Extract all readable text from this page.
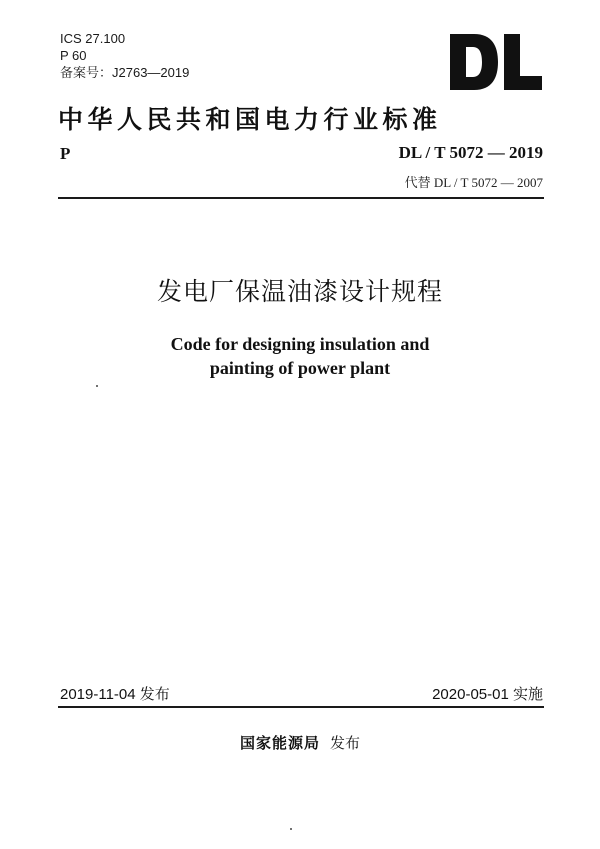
ICS 27.100
P 60
备案号：J2763—2019
中华人民共和国电力行业标准
P	DL / T 5072 — 2019
代替 DL / T 5072 — 2007
发电厂保温油漆设计规程
Code for designing insulation and
painting of power plant
2019-11-04 发布	2020-05-01 实施
国家能源局 发布
